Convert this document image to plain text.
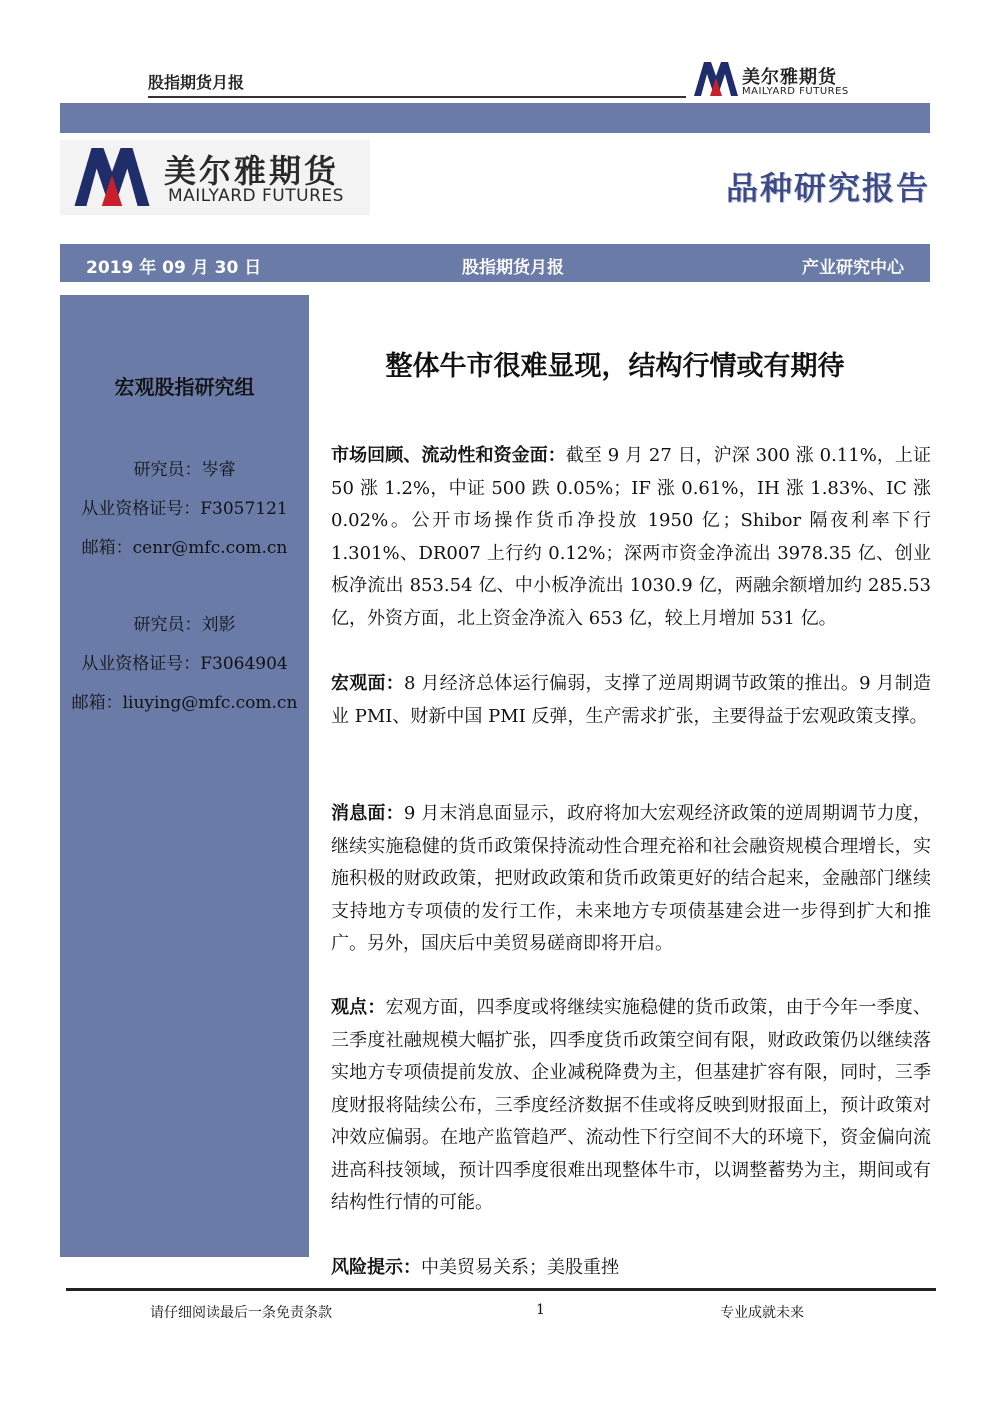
股指期货月报	美尔雅期货
MAILYARD FUTURES
美尔雅期货
MAILYARD FUTURES	品种研究报告
2019 年 09 月 30 日	股指期货月报	产业研究中心
宏观股指研究组
研究员：岑睿
从业资格证号：F3057121
邮箱：cenr@mfc.com.cn
研究员：刘影
从业资格证号：F3064904
邮箱：liuying@mfc.com.cn
整体牛市很难显现，结构行情或有期待
市场回顾、流动性和资金面：截至 9 月 27 日，沪深 300 涨 0.11%，上证 50 涨 1.2%，中证 500 跌 0.05%；IF 涨 0.61%，IH 涨 1.83%、IC 涨 0.02%。公开市场操作货币净投放 1950 亿；Shibor 隔夜利率下行 1.301%、DR007 上行约 0.12%；深两市资金净流出 3978.35 亿、创业板净流出 853.54 亿、中小板净流出 1030.9 亿，两融余额增加约 285.53 亿，外资方面，北上资金净流入 653 亿，较上月增加 531 亿。
宏观面：8 月经济总体运行偏弱，支撑了逆周期调节政策的推出。9 月制造业 PMI、财新中国 PMI 反弹，生产需求扩张，主要得益于宏观政策支撑。
消息面：9 月末消息面显示，政府将加大宏观经济政策的逆周期调节力度，继续实施稳健的货币政策保持流动性合理充裕和社会融资规模合理增长，实施积极的财政政策，把财政政策和货币政策更好的结合起来，金融部门继续支持地方专项债的发行工作，未来地方专项债基建会进一步得到扩大和推广。另外，国庆后中美贸易磋商即将开启。
观点：宏观方面，四季度或将继续实施稳健的货币政策，由于今年一季度、三季度社融规模大幅扩张，四季度货币政策空间有限，财政政策仍以继续落实地方专项债提前发放、企业减税降费为主，但基建扩容有限，同时，三季度财报将陆续公布，三季度经济数据不佳或将反映到财报面上，预计政策对冲效应偏弱。在地产监管趋严、流动性下行空间不大的环境下，资金偏向流进高科技领域，预计四季度很难出现整体牛市，以调整蓄势为主，期间或有结构性行情的可能。
风险提示：中美贸易关系；美股重挫
请仔细阅读最后一条免责条款	1	专业成就未来
